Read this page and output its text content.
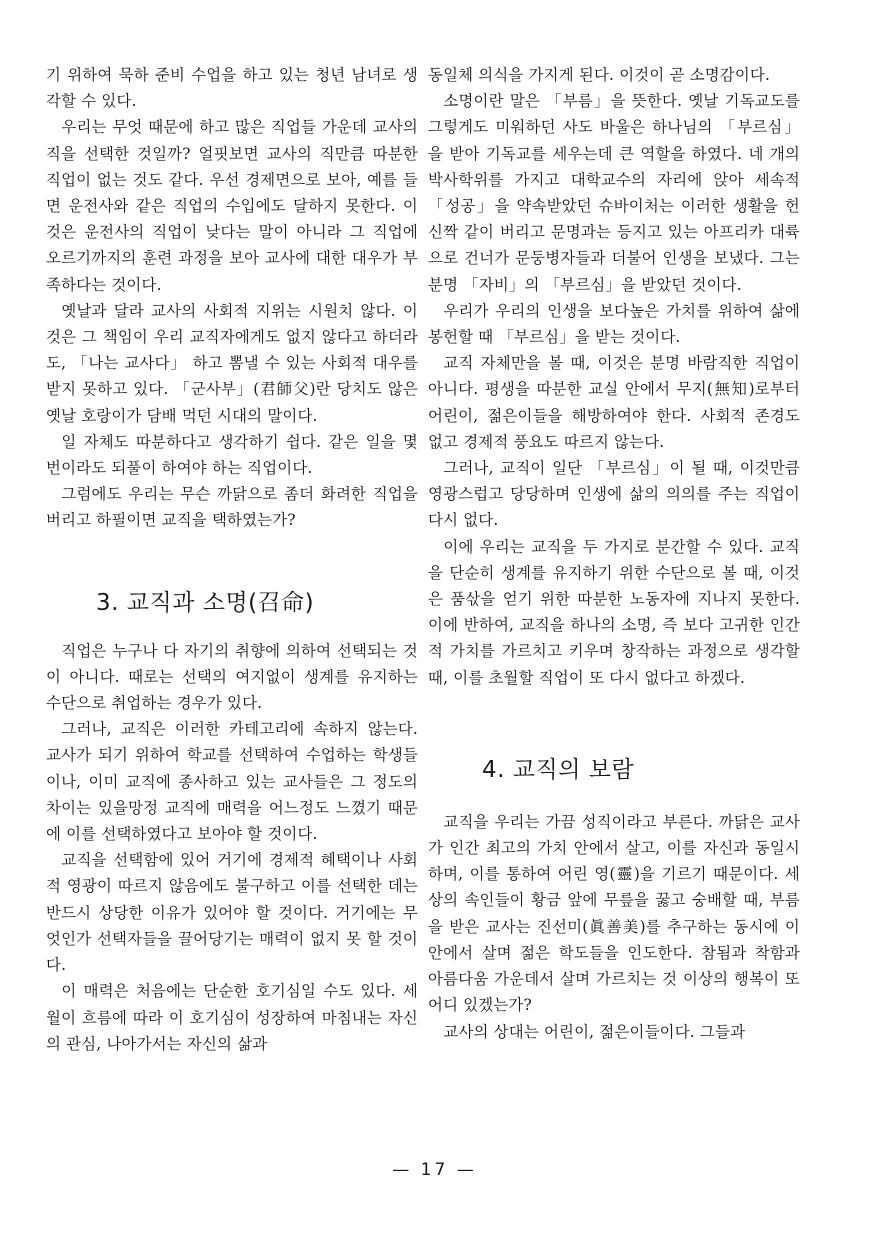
기 위하여 묵하 준비 수업을 하고 있는 청년 남녀로 생각할 수 있다.

우리는 무엇 때문에 하고 많은 직업들 가운데 교사의 직을 선택한 것일까? 얼핏보면 교사의 직만큼 따분한 직업이 없는 것도 같다. 우선 경제면으로 보아, 예를 들면 운전사와 같은 직업의 수입에도 달하지 못한다. 이것은 운전사의 직업이 낮다는 말이 아니라 그 직업에 오르기까지의 훈련 과정을 보아 교사에 대한 대우가 부족하다는 것이다.

옛날과 달라 교사의 사회적 지위는 시원치 않다. 이것은 그 책임이 우리 교직자에게도 없지 않다고 하더라도, 「나는 교사다」 하고 뽐낼 수 있는 사회적 대우를 받지 못하고 있다. 「군사부」(君師父)란 당치도 않은 옛날 호랑이가 담배 먹던 시대의 말이다.

일 자체도 따분하다고 생각하기 쉽다. 같은 일을 몇 번이라도 되풀이 하여야 하는 직업이다.

그럼에도 우리는 무슨 까닭으로 좀더 화려한 직업을 버리고 하필이면 교직을 택하였는가?

3. 교직과 소명(召命)

직업은 누구나 다 자기의 취향에 의하여 선택되는 것이 아니다. 때로는 선택의 여지없이 생계를 유지하는 수단으로 취업하는 경우가 있다.

그러나, 교직은 이러한 카테고리에 속하지 않는다. 교사가 되기 위하여 학교를 선택하여 수업하는 학생들이나, 이미 교직에 종사하고 있는 교사들은 그 정도의 차이는 있을망정 교직에 매력을 어느정도 느꼈기 때문에 이를 선택하였다고 보아야 할 것이다.

교직을 선택함에 있어 거기에 경제적 혜택이나 사회적 영광이 따르지 않음에도 불구하고 이를 선택한 데는 반드시 상당한 이유가 있어야 할 것이다. 거기에는 무엇인가 선택자들을 끌어당기는 매력이 없지 못 할 것이다.

이 매력은 처음에는 단순한 호기심일 수도 있다. 세월이 흐름에 따라 이 호기심이 성장하여 마침내는 자신의 관심, 나아가서는 자신의 삶과

동일체 의식을 가지게 된다. 이것이 곧 소명감이다.

소명이란 말은 「부름」을 뜻한다. 옛날 기독교도를 그렇게도 미워하던 사도 바울은 하나님의 「부르심」을 받아 기독교를 세우는데 큰 역할을 하였다. 네 개의 박사학위를 가지고 대학교수의 자리에 앉아 세속적 「성공」을 약속받았던 슈바이처는 이러한 생활을 헌신짝 같이 버리고 문명과는 등지고 있는 아프리카 대륙으로 건너가 문둥병자들과 더불어 인생을 보냈다. 그는 분명 「자비」의 「부르심」을 받았던 것이다.

우리가 우리의 인생을 보다높은 가치를 위하여 삶에 봉헌할 때 「부르심」을 받는 것이다.

교직 자체만을 볼 때, 이것은 분명 바람직한 직업이 아니다. 평생을 따분한 교실 안에서 무지(無知)로부터 어린이, 젊은이들을 해방하여야 한다. 사회적 존경도 없고 경제적 풍요도 따르지 않는다.

그러나, 교직이 일단 「부르심」이 될 때, 이것만큼 영광스럽고 당당하며 인생에 삶의 의의를 주는 직업이 다시 없다.

이에 우리는 교직을 두 가지로 분간할 수 있다. 교직을 단순히 생계를 유지하기 위한 수단으로 볼 때, 이것은 품삯을 얻기 위한 따분한 노동자에 지나지 못한다. 이에 반하여, 교직을 하나의 소명, 즉 보다 고귀한 인간적 가치를 가르치고 키우며 창작하는 과정으로 생각할 때, 이를 초월할 직업이 또 다시 없다고 하겠다.

4. 교직의 보람

교직을 우리는 가끔 성직이라고 부른다. 까닭은 교사가 인간 최고의 가치 안에서 살고, 이를 자신과 동일시하며, 이를 통하여 어린 영(靈)을 기르기 때문이다. 세상의 속인들이 황금 앞에 무릎을 꿇고 숭배할 때, 부름을 받은 교사는 진선미(眞善美)를 추구하는 동시에 이 안에서 살며 젊은 학도들을 인도한다. 참됨과 착함과 아름다움 가운데서 살며 가르치는 것 이상의 행복이 또 어디 있겠는가?

교사의 상대는 어린이, 젊은이들이다. 그들과

— 17 —
